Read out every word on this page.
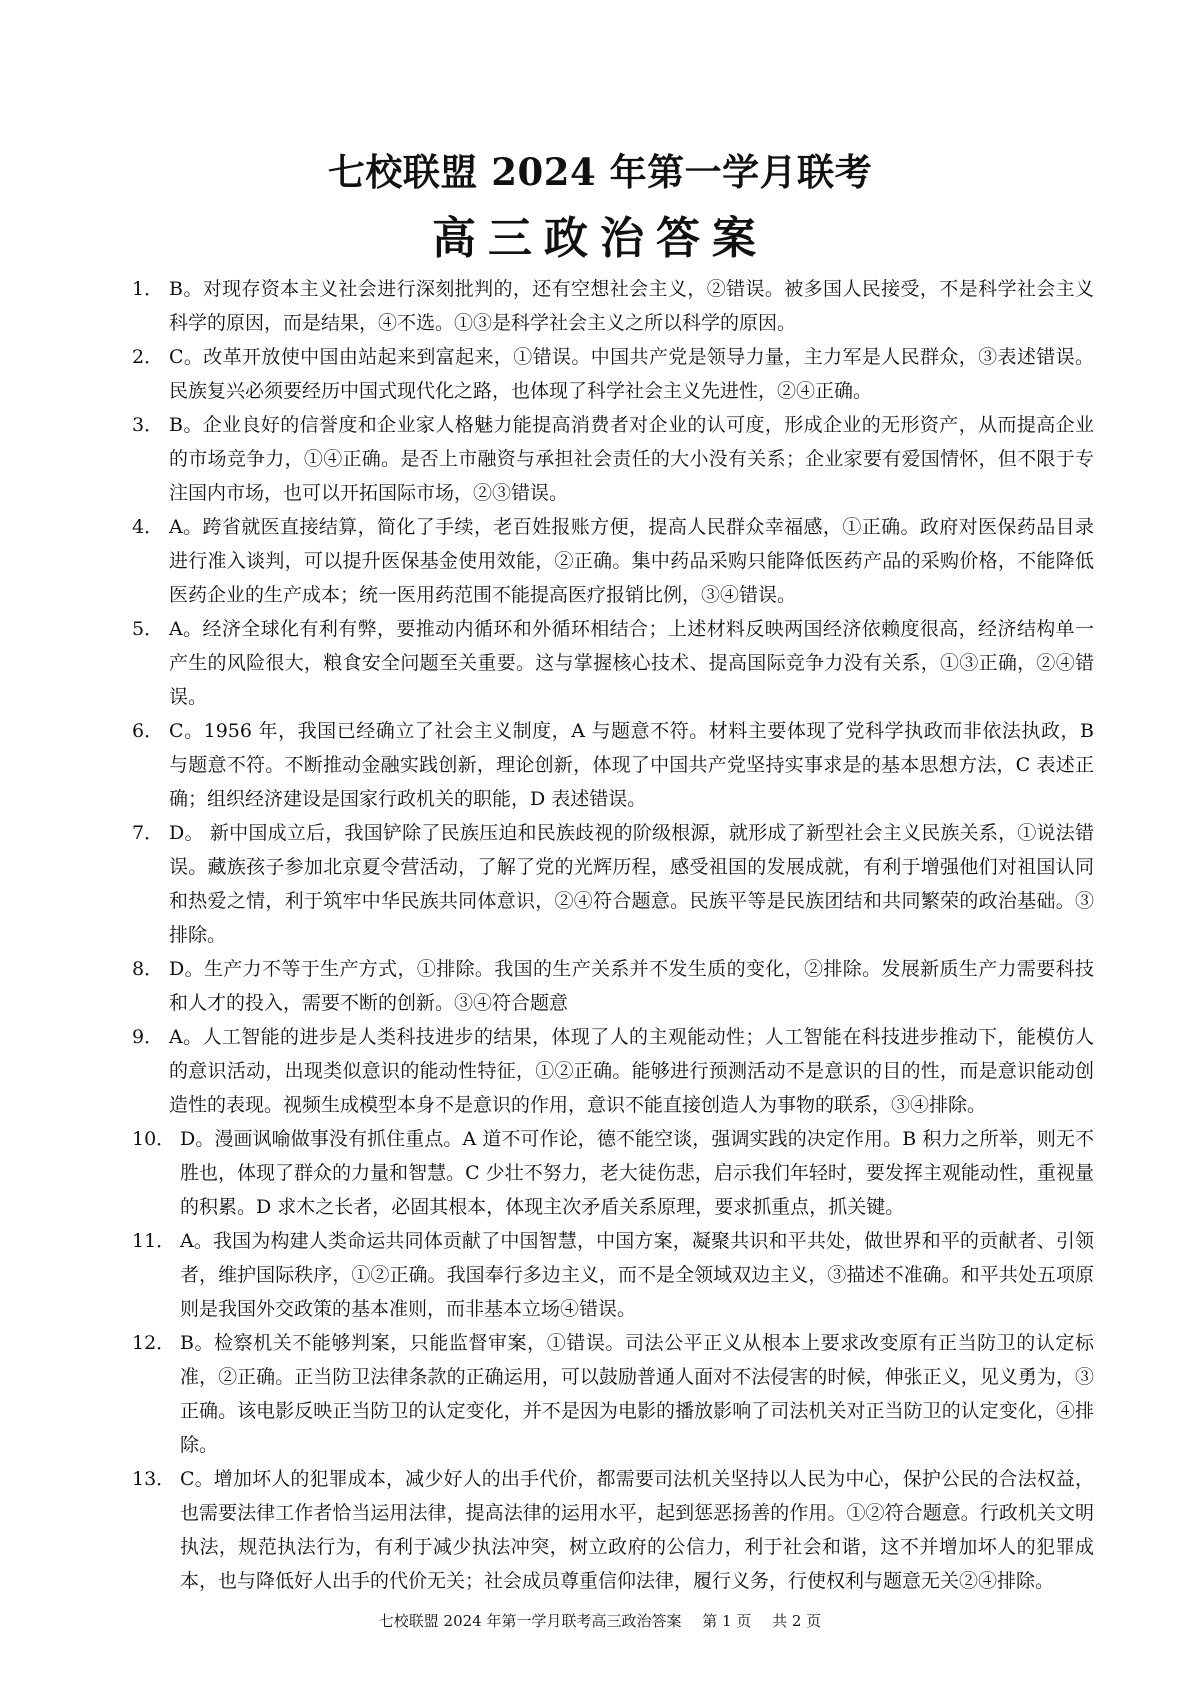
七校联盟 2024 年第一学月联考
高三政治答案
1． B。对现存资本主义社会进行深刻批判的，还有空想社会主义，②错误。被多国人民接受，不是科学社会主义科学的原因，而是结果，④不选。①③是科学社会主义之所以科学的原因。
2． C。改革开放使中国由站起来到富起来，①错误。中国共产党是领导力量，主力军是人民群众，③表述错误。民族复兴必须要经历中国式现代化之路，也体现了科学社会主义先进性，②④正确。
3． B。企业良好的信誉度和企业家人格魅力能提高消费者对企业的认可度，形成企业的无形资产，从而提高企业的市场竞争力，①④正确。是否上市融资与承担社会责任的大小没有关系；企业家要有爱国情怀，但不限于专注国内市场，也可以开拓国际市场，②③错误。
4． A。跨省就医直接结算，简化了手续，老百姓报账方便，提高人民群众幸福感，①正确。政府对医保药品目录进行准入谈判，可以提升医保基金使用效能，②正确。集中药品采购只能降低医药产品的采购价格，不能降低医药企业的生产成本；统一医用药范围不能提高医疗报销比例，③④错误。
5． A。经济全球化有利有弊，要推动内循环和外循环相结合；上述材料反映两国经济依赖度很高，经济结构单一产生的风险很大，粮食安全问题至关重要。这与掌握核心技术、提高国际竞争力没有关系，①③正确，②④错误。
6． C。1956 年，我国已经确立了社会主义制度，A 与题意不符。材料主要体现了党科学执政而非依法执政，B 与题意不符。不断推动金融实践创新，理论创新，体现了中国共产党坚持实事求是的基本思想方法，C 表述正确；组织经济建设是国家行政机关的职能，D 表述错误。
7． D。 新中国成立后，我国铲除了民族压迫和民族歧视的阶级根源，就形成了新型社会主义民族关系，①说法错误。藏族孩子参加北京夏令营活动，了解了党的光辉历程，感受祖国的发展成就，有利于增强他们对祖国认同和热爱之情，利于筑牢中华民族共同体意识，②④符合题意。民族平等是民族团结和共同繁荣的政治基础。③排除。
8． D。生产力不等于生产方式，①排除。我国的生产关系并不发生质的变化，②排除。发展新质生产力需要科技和人才的投入，需要不断的创新。③④符合题意
9． A。人工智能的进步是人类科技进步的结果，体现了人的主观能动性；人工智能在科技进步推动下，能模仿人的意识活动，出现类似意识的能动性特征，①②正确。能够进行预测活动不是意识的目的性，而是意识能动创造性的表现。视频生成模型本身不是意识的作用，意识不能直接创造人为事物的联系，③④排除。
10． D。漫画讽喻做事没有抓住重点。A 道不可作论，德不能空谈，强调实践的决定作用。B 积力之所举，则无不胜也，体现了群众的力量和智慧。C 少壮不努力，老大徒伤悲，启示我们年轻时，要发挥主观能动性，重视量的积累。D 求木之长者，必固其根本，体现主次矛盾关系原理，要求抓重点，抓关键。
11． A。我国为构建人类命运共同体贡献了中国智慧，中国方案，凝聚共识和平共处，做世界和平的贡献者、引领者，维护国际秩序，①②正确。我国奉行多边主义，而不是全领域双边主义，③描述不准确。和平共处五项原则是我国外交政策的基本准则，而非基本立场④错误。
12． B。检察机关不能够判案，只能监督审案，①错误。司法公平正义从根本上要求改变原有正当防卫的认定标准，②正确。正当防卫法律条款的正确运用，可以鼓励普通人面对不法侵害的时候，伸张正义，见义勇为，③正确。该电影反映正当防卫的认定变化，并不是因为电影的播放影响了司法机关对正当防卫的认定变化，④排除。
13． C。增加坏人的犯罪成本，减少好人的出手代价，都需要司法机关坚持以人民为中心，保护公民的合法权益，也需要法律工作者恰当运用法律，提高法律的运用水平，起到惩恶扬善的作用。①②符合题意。行政机关文明执法，规范执法行为，有利于减少执法冲突，树立政府的公信力，利于社会和谐，这不并增加坏人的犯罪成本，也与降低好人出手的代价无关；社会成员尊重信仰法律，履行义务，行使权利与题意无关②④排除。
七校联盟 2024 年第一学月联考高三政治答案 第 1 页 共 2 页
